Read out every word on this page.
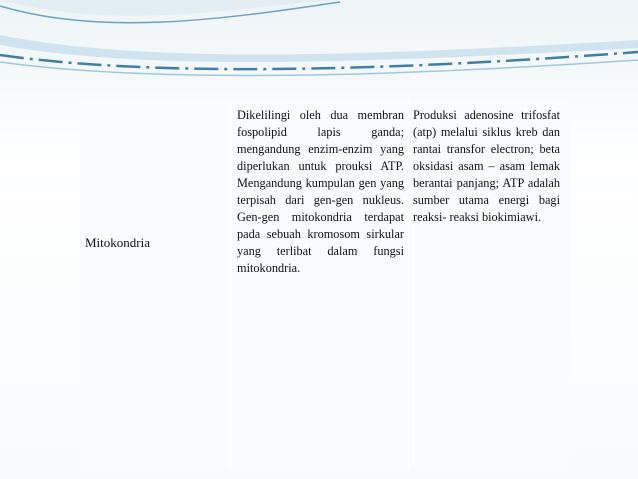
Mitokondria
Dikelilingi oleh dua membran fospolipid lapis ganda; mengandung enzim-enzim yang diperlukan untuk prouksi ATP. Mengandung kumpulan gen yang terpisah dari gen-gen nukleus. Gen-gen mitokondria terdapat pada sebuah kromosom sirkular yang terlibat dalam fungsi mitokondria.
Produksi adenosine trifosfat (atp) melalui siklus kreb dan rantai transfor electron; beta oksidasi asam – asam lemak berantai panjang; ATP adalah sumber utama energi bagi reaksi- reaksi biokimiawi.
